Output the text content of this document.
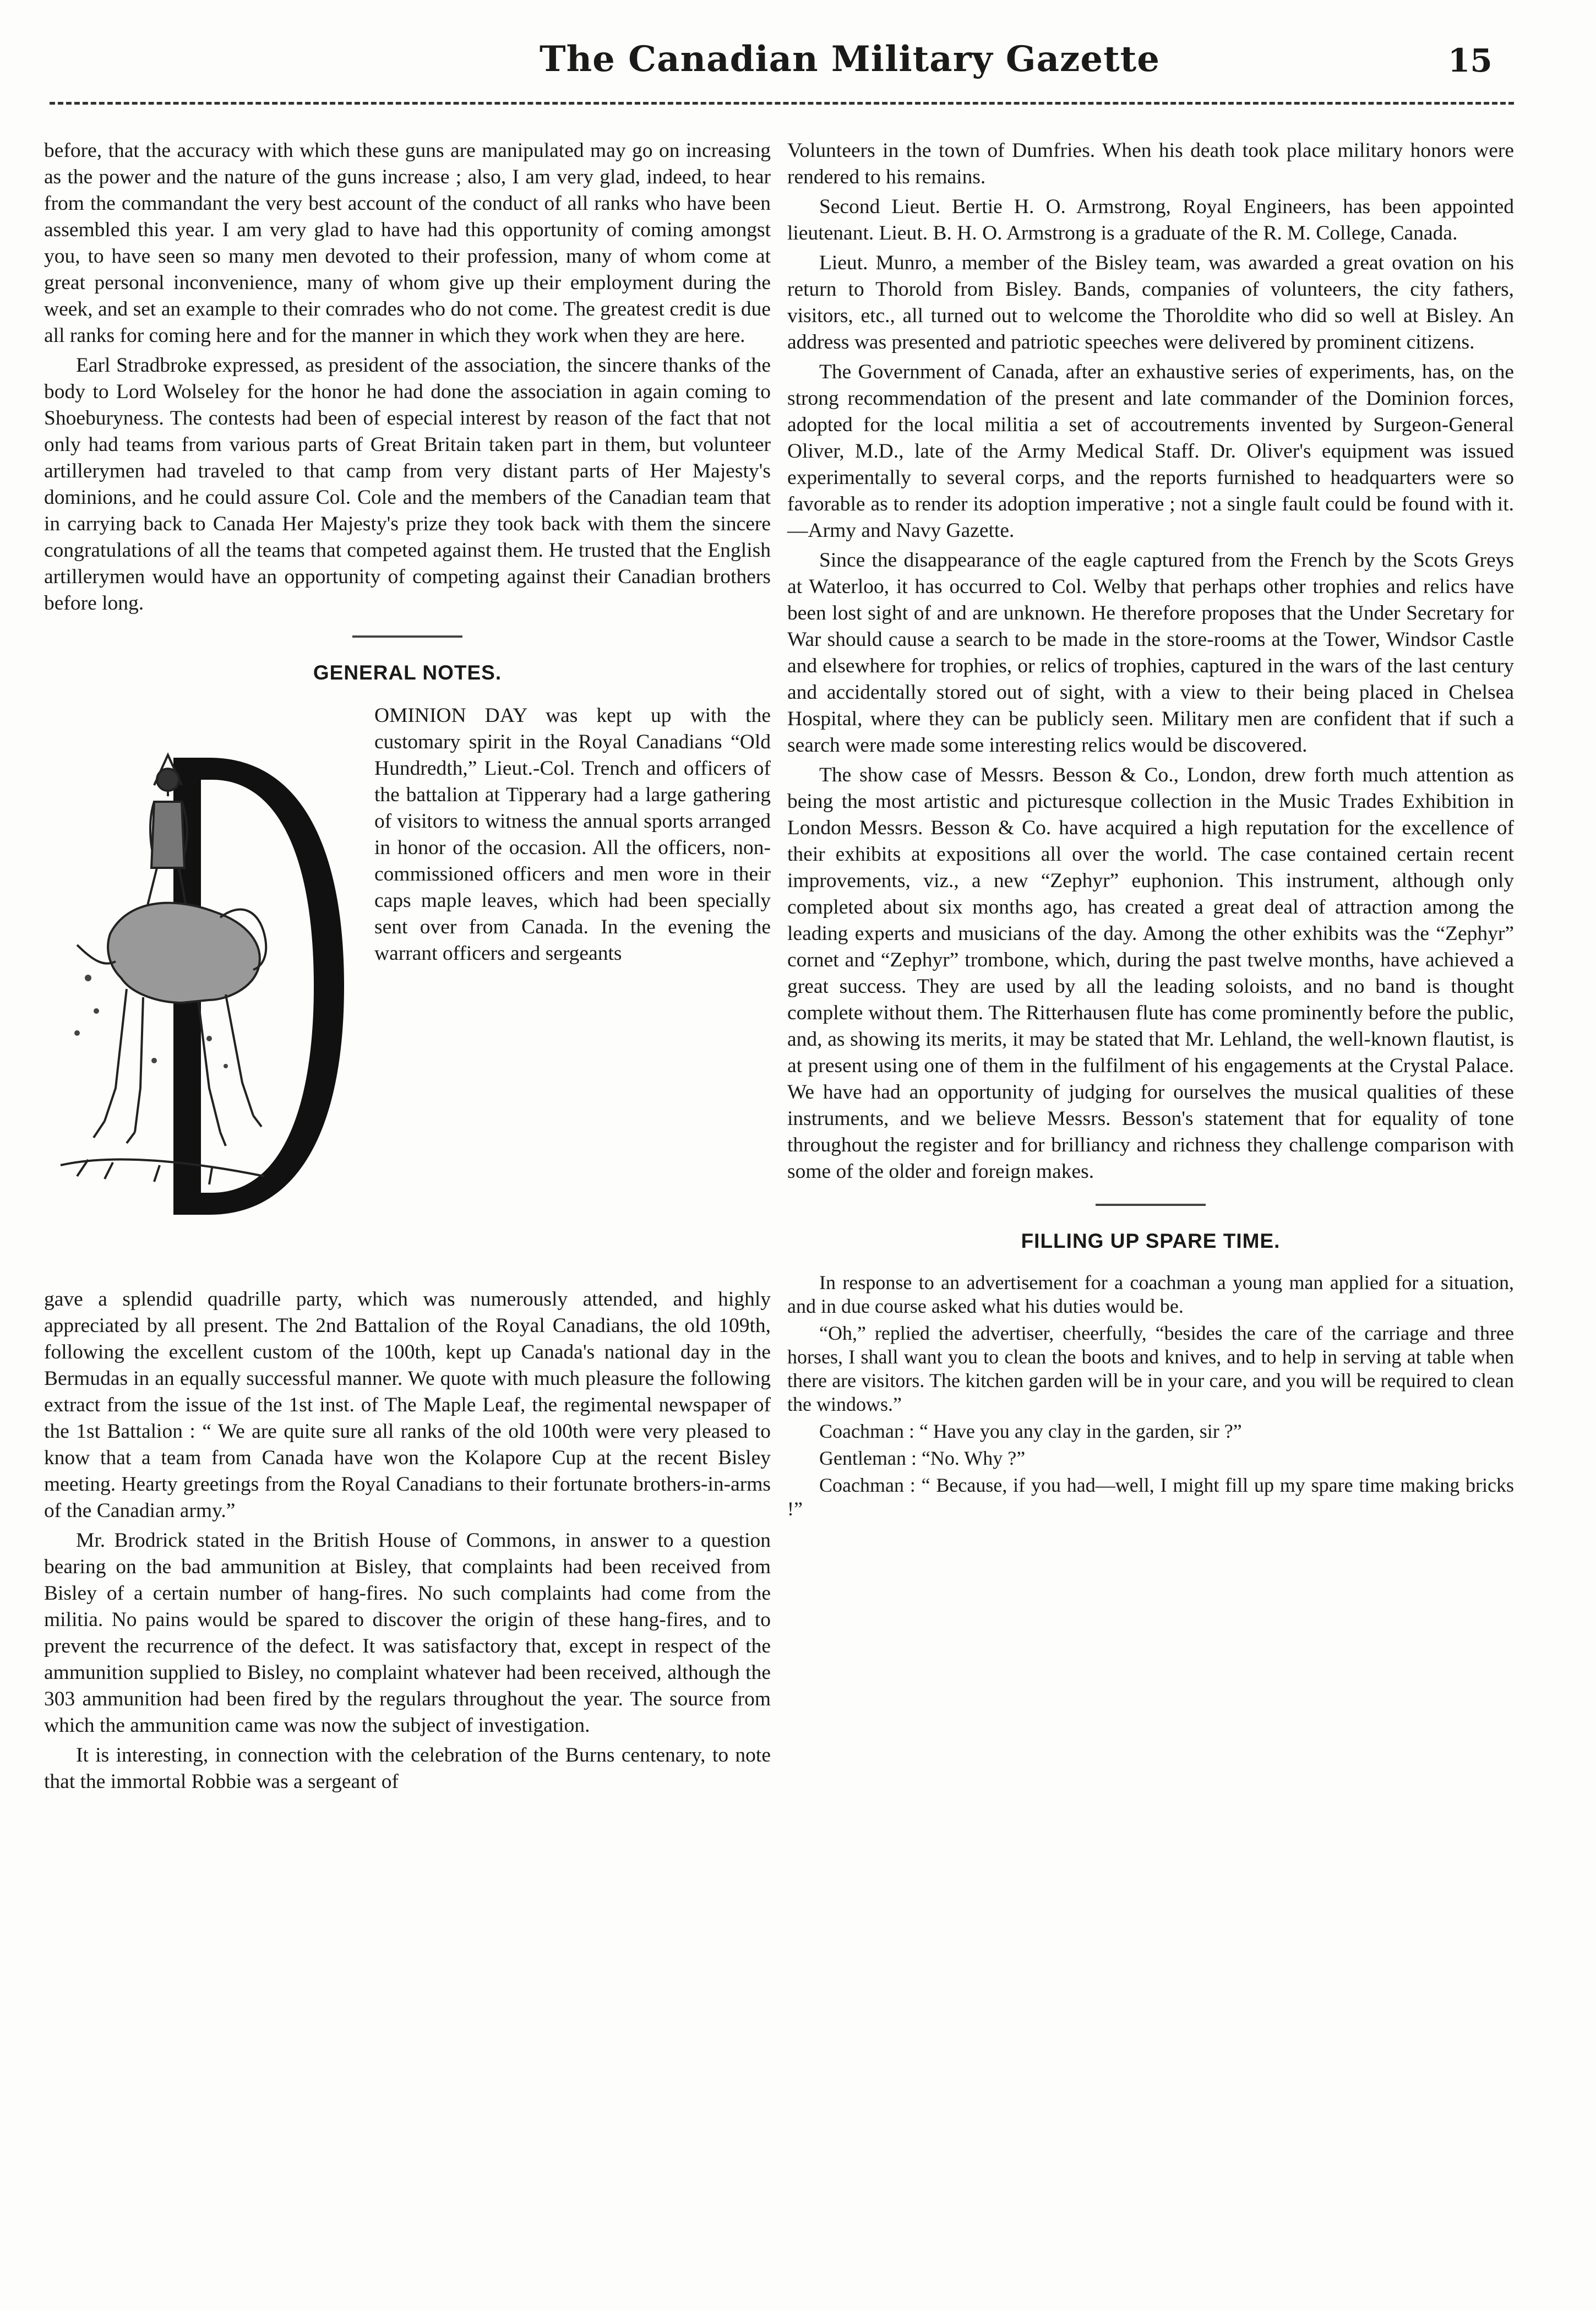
The Canadian Military Gazette	15

before, that the accuracy with which these guns are manipulated may go on increasing as the power and the nature of the guns increase ; also, I am very glad, indeed, to hear from the commandant the very best account of the conduct of all ranks who have been assembled this year. I am very glad to have had this opportunity of coming amongst you, to have seen so many men devoted to their profession, many of whom come at great personal inconvenience, many of whom give up their employment during the week, and set an example to their comrades who do not come. The greatest credit is due all ranks for coming here and for the manner in which they work when they are here.

Earl Stradbroke expressed, as president of the association, the sincere thanks of the body to Lord Wolseley for the honor he had done the association in again coming to Shoeburyness. The contests had been of especial interest by reason of the fact that not only had teams from various parts of Great Britain taken part in them, but volunteer artillerymen had traveled to that camp from very distant parts of Her Majesty's dominions, and he could assure Col. Cole and the members of the Canadian team that in carrying back to Canada Her Majesty's prize they took back with them the sincere congratulations of all the teams that competed against them. He trusted that the English artillerymen would have an opportunity of competing against their Canadian brothers before long.

GENERAL NOTES.

OMINION DAY was kept up with the customary spirit in the Royal Canadians “Old Hundredth,” Lieut.-Col. Trench and officers of the battalion at Tipperary had a large gathering of visitors to witness the annual sports arranged in honor of the occasion. All the officers, non-commissioned officers and men wore in their caps maple leaves, which had been specially sent over from Canada. In the evening the warrant officers and sergeants

gave a splendid quadrille party, which was numerously attended, and highly appreciated by all present. The 2nd Battalion of the Royal Canadians, the old 109th, following the excellent custom of the 100th, kept up Canada's national day in the Bermudas in an equally successful manner. We quote with much pleasure the following extract from the issue of the 1st inst. of The Maple Leaf, the regimental newspaper of the 1st Battalion : “ We are quite sure all ranks of the old 100th were very pleased to know that a team from Canada have won the Kolapore Cup at the recent Bisley meeting. Hearty greetings from the Royal Canadians to their fortunate brothers-in-arms of the Canadian army.”

Mr. Brodrick stated in the British House of Commons, in answer to a question bearing on the bad ammunition at Bisley, that complaints had been received from Bisley of a certain number of hang-fires. No such complaints had come from the militia. No pains would be spared to discover the origin of these hang-fires, and to prevent the recurrence of the defect. It was satisfactory that, except in respect of the ammunition supplied to Bisley, no complaint whatever had been received, although the 303 ammunition had been fired by the regulars throughout the year. The source from which the ammunition came was now the subject of investigation.

It is interesting, in connection with the celebration of the Burns centenary, to note that the immortal Robbie was a sergeant of

Volunteers in the town of Dumfries. When his death took place military honors were rendered to his remains.

Second Lieut. Bertie H. O. Armstrong, Royal Engineers, has been appointed lieutenant. Lieut. B. H. O. Armstrong is a graduate of the R. M. College, Canada.

Lieut. Munro, a member of the Bisley team, was awarded a great ovation on his return to Thorold from Bisley. Bands, companies of volunteers, the city fathers, visitors, etc., all turned out to welcome the Thoroldite who did so well at Bisley. An address was presented and patriotic speeches were delivered by prominent citizens.

The Government of Canada, after an exhaustive series of experiments, has, on the strong recommendation of the present and late commander of the Dominion forces, adopted for the local militia a set of accoutrements invented by Surgeon-General Oliver, M.D., late of the Army Medical Staff. Dr. Oliver's equipment was issued experimentally to several corps, and the reports furnished to headquarters were so favorable as to render its adoption imperative ; not a single fault could be found with it.—Army and Navy Gazette.

Since the disappearance of the eagle captured from the French by the Scots Greys at Waterloo, it has occurred to Col. Welby that perhaps other trophies and relics have been lost sight of and are unknown. He therefore proposes that the Under Secretary for War should cause a search to be made in the store-rooms at the Tower, Windsor Castle and elsewhere for trophies, or relics of trophies, captured in the wars of the last century and accidentally stored out of sight, with a view to their being placed in Chelsea Hospital, where they can be publicly seen. Military men are confident that if such a search were made some interesting relics would be discovered.

The show case of Messrs. Besson & Co., London, drew forth much attention as being the most artistic and picturesque collection in the Music Trades Exhibition in London Messrs. Besson & Co. have acquired a high reputation for the excellence of their exhibits at expositions all over the world. The case contained certain recent improvements, viz., a new “Zephyr” euphonion. This instrument, although only completed about six months ago, has created a great deal of attraction among the leading experts and musicians of the day. Among the other exhibits was the “Zephyr” cornet and “Zephyr” trombone, which, during the past twelve months, have achieved a great success. They are used by all the leading soloists, and no band is thought complete without them. The Ritterhausen flute has come prominently before the public, and, as showing its merits, it may be stated that Mr. Lehland, the well-known flautist, is at present using one of them in the fulfilment of his engagements at the Crystal Palace. We have had an opportunity of judging for ourselves the musical qualities of these instruments, and we believe Messrs. Besson's statement that for equality of tone throughout the register and for brilliancy and richness they challenge comparison with some of the older and foreign makes.

FILLING UP SPARE TIME.

In response to an advertisement for a coachman a young man applied for a situation, and in due course asked what his duties would be.

“Oh,” replied the advertiser, cheerfully, “besides the care of the carriage and three horses, I shall want you to clean the boots and knives, and to help in serving at table when there are visitors. The kitchen garden will be in your care, and you will be required to clean the windows.”

Coachman : “ Have you any clay in the garden, sir ?”

Gentleman : “No. Why ?”

Coachman : “ Because, if you had—well, I might fill up my spare time making bricks !”
